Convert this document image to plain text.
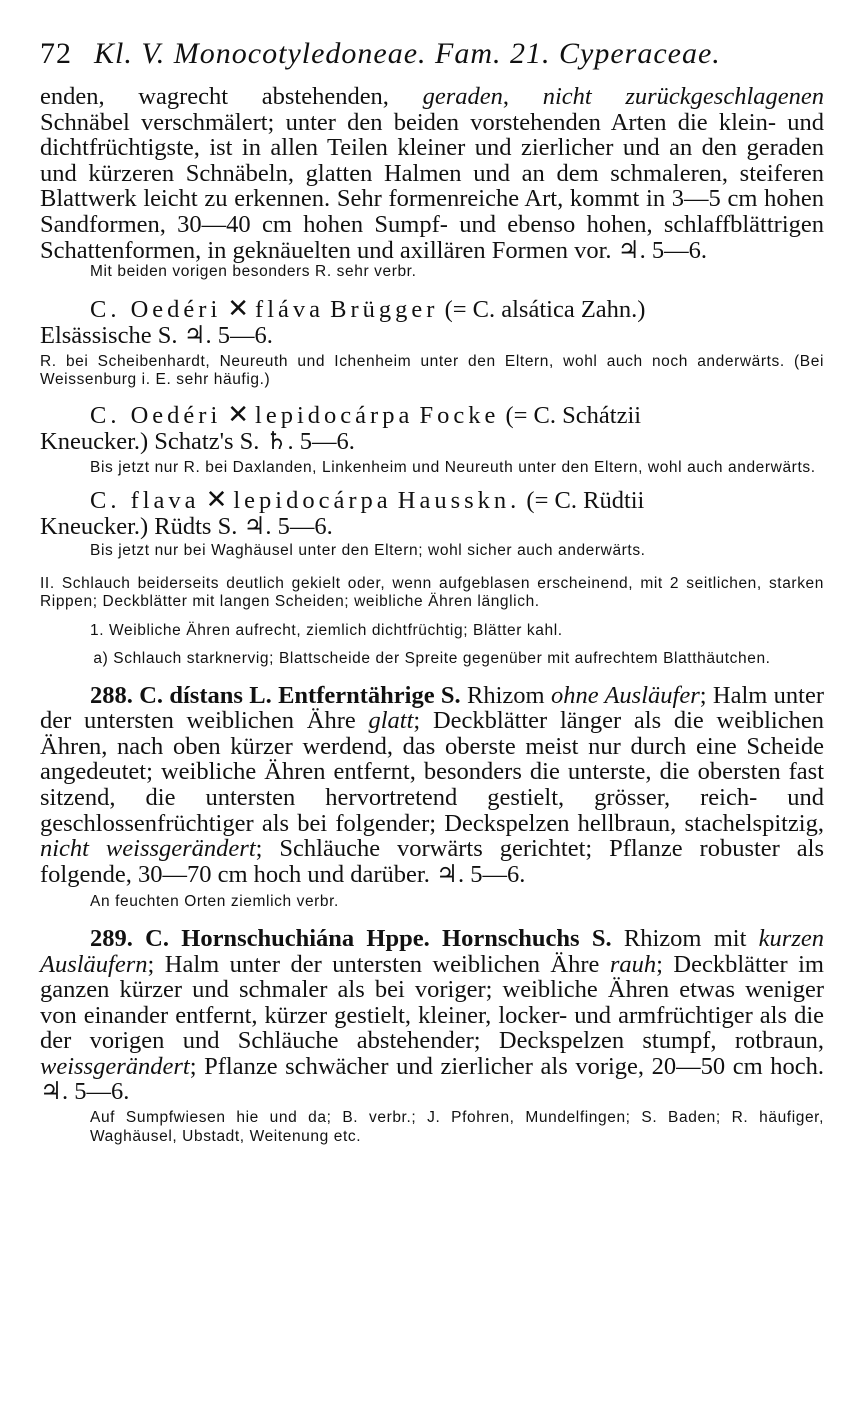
72 Kl. V. Monocotyledoneae. Fam. 21. Cyperaceae.

enden, wagrecht abstehenden, geraden, nicht zurückgeschlagenen

Schnäbel verschmälert; unter den beiden vorstehenden Arten die klein- und dichtfrüchtigste, ist in allen Teilen kleiner und zierlicher und an den geraden und kürzeren Schnäbeln, glatten Halmen und an dem schmaleren, steiferen Blattwerk leicht zu erkennen. Sehr formenreiche Art, kommt in 3—5 cm hohen Sandformen, 30—40 cm hohen Sumpf- und ebenso hohen, schlaffblättrigen Schattenformen, in geknäuelten und axillären Formen vor. ♃. 5—6.

Mit beiden vorigen besonders R. sehr verbr.

C. Oedéri ✕ fláva Brügger (= C. alsática Zahn.)

Elsässische S. ♃. 5—6.

R. bei Scheibenhardt, Neureuth und Ichenheim unter den Eltern, wohl auch noch anderwärts. (Bei Weissenburg i. E. sehr häufig.)

C. Oedéri ✕ lepidocárpa Focke (= C. Schátzii

Kneucker.) Schatz's S. ♄. 5—6.

Bis jetzt nur R. bei Daxlanden, Linkenheim und Neureuth unter den Eltern, wohl auch anderwärts.

C. flava ✕ lepidocárpa Hausskn. (= C. Rüdtii

Kneucker.) Rüdts S. ♃. 5—6.

Bis jetzt nur bei Waghäusel unter den Eltern; wohl sicher auch anderwärts.

II. Schlauch beiderseits deutlich gekielt oder, wenn aufgeblasen erscheinend, mit 2 seitlichen, starken Rippen; Deckblätter mit langen Scheiden; weibliche Ähren länglich.

1. Weibliche Ähren aufrecht, ziemlich dichtfrüchtig; Blätter kahl.

a) Schlauch starknervig; Blattscheide der Spreite gegenüber mit aufrechtem Blatthäutchen.

288. C. dístans L. Entferntährige S. Rhizom ohne Ausläufer; Halm unter der untersten weiblichen Ähre glatt; Deckblätter länger als die weiblichen Ähren, nach oben kürzer werdend, das oberste meist nur durch eine Scheide angedeutet; weibliche Ähren entfernt, besonders die unterste, die obersten fast sitzend, die untersten hervortretend gestielt, grösser, reich- und geschlossenfrüchtiger als bei folgender; Deckspelzen hellbraun, stachelspitzig, nicht weissgerändert; Schläuche vorwärts gerichtet; Pflanze robuster als folgende, 30—70 cm hoch und darüber. ♃. 5—6.

An feuchten Orten ziemlich verbr.

289. C. Hornschuchiána Hppe. Hornschuchs S. Rhizom mit kurzen Ausläufern; Halm unter der untersten weiblichen Ähre rauh; Deckblätter im ganzen kürzer und schmaler als bei voriger; weibliche Ähren etwas weniger von einander entfernt, kürzer gestielt, kleiner, locker- und armfrüchtiger als die der vorigen und Schläuche abstehender; Deckspelzen stumpf, rotbraun, weissgerändert; Pflanze schwächer und zierlicher als vorige, 20—50 cm hoch. ♃. 5—6.

Auf Sumpfwiesen hie und da; B. verbr.; J. Pfohren, Mundelfingen; S. Baden; R. häufiger, Waghäusel, Ubstadt, Weitenung etc.
